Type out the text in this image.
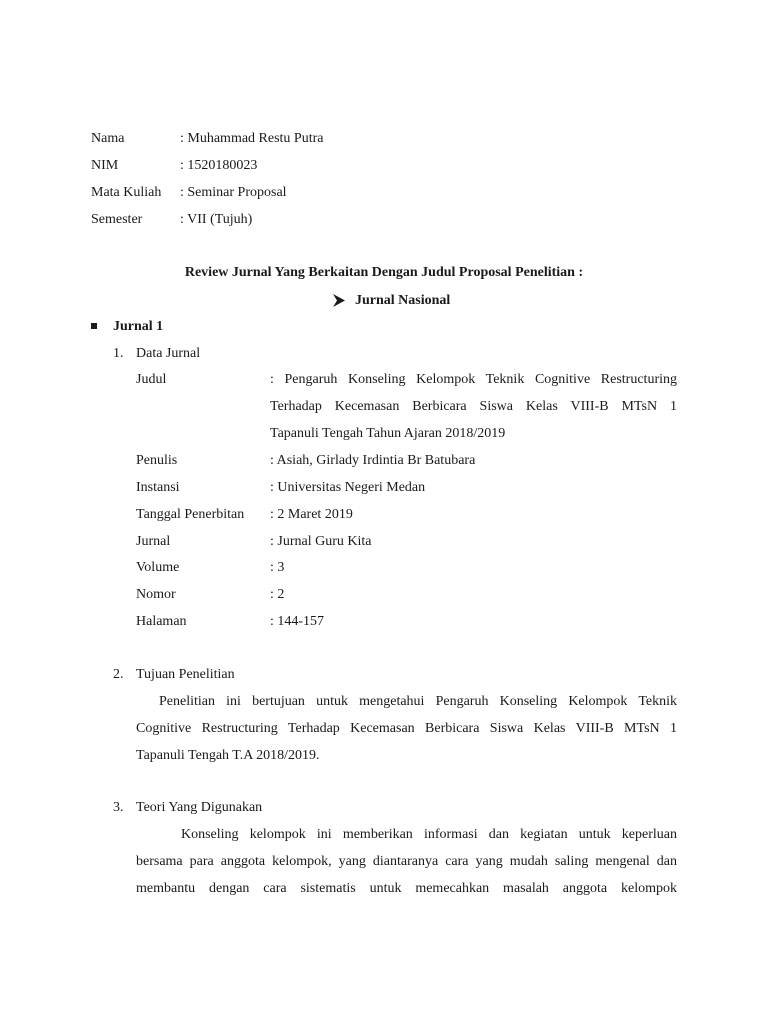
Nama	: Muhammad Restu Putra
NIM	: 1520180023
Mata Kuliah : Seminar Proposal
Semester	: VII (Tujuh)
Review Jurnal Yang Berkaitan Dengan Judul Proposal Penelitian :
Jurnal Nasional
Jurnal 1
1. Data Jurnal
Judul	: Pengaruh Konseling Kelompok Teknik Cognitive Restructuring
Terhadap Kecemasan Berbicara Siswa Kelas VIII-B MTsN 1
Tapanuli Tengah Tahun Ajaran 2018/2019
Penulis	: Asiah, Girlady Irdintia Br Batubara
Instansi	: Universitas Negeri Medan
Tanggal Penerbitan : 2 Maret 2019
Jurnal	: Jurnal Guru Kita
Volume	: 3
Nomor	: 2
Halaman	: 144-157
2. Tujuan Penelitian
Penelitian ini bertujuan untuk mengetahui Pengaruh Konseling Kelompok Teknik
Cognitive Restructuring Terhadap Kecemasan Berbicara Siswa Kelas VIII-B MTsN 1
Tapanuli Tengah T.A 2018/2019.
3. Teori Yang Digunakan
Konseling kelompok ini memberikan informasi dan kegiatan untuk keperluan
bersama para anggota kelompok, yang diantaranya cara yang mudah saling mengenal dan
membantu dengan cara sistematis untuk memecahkan masalah anggota kelompok
